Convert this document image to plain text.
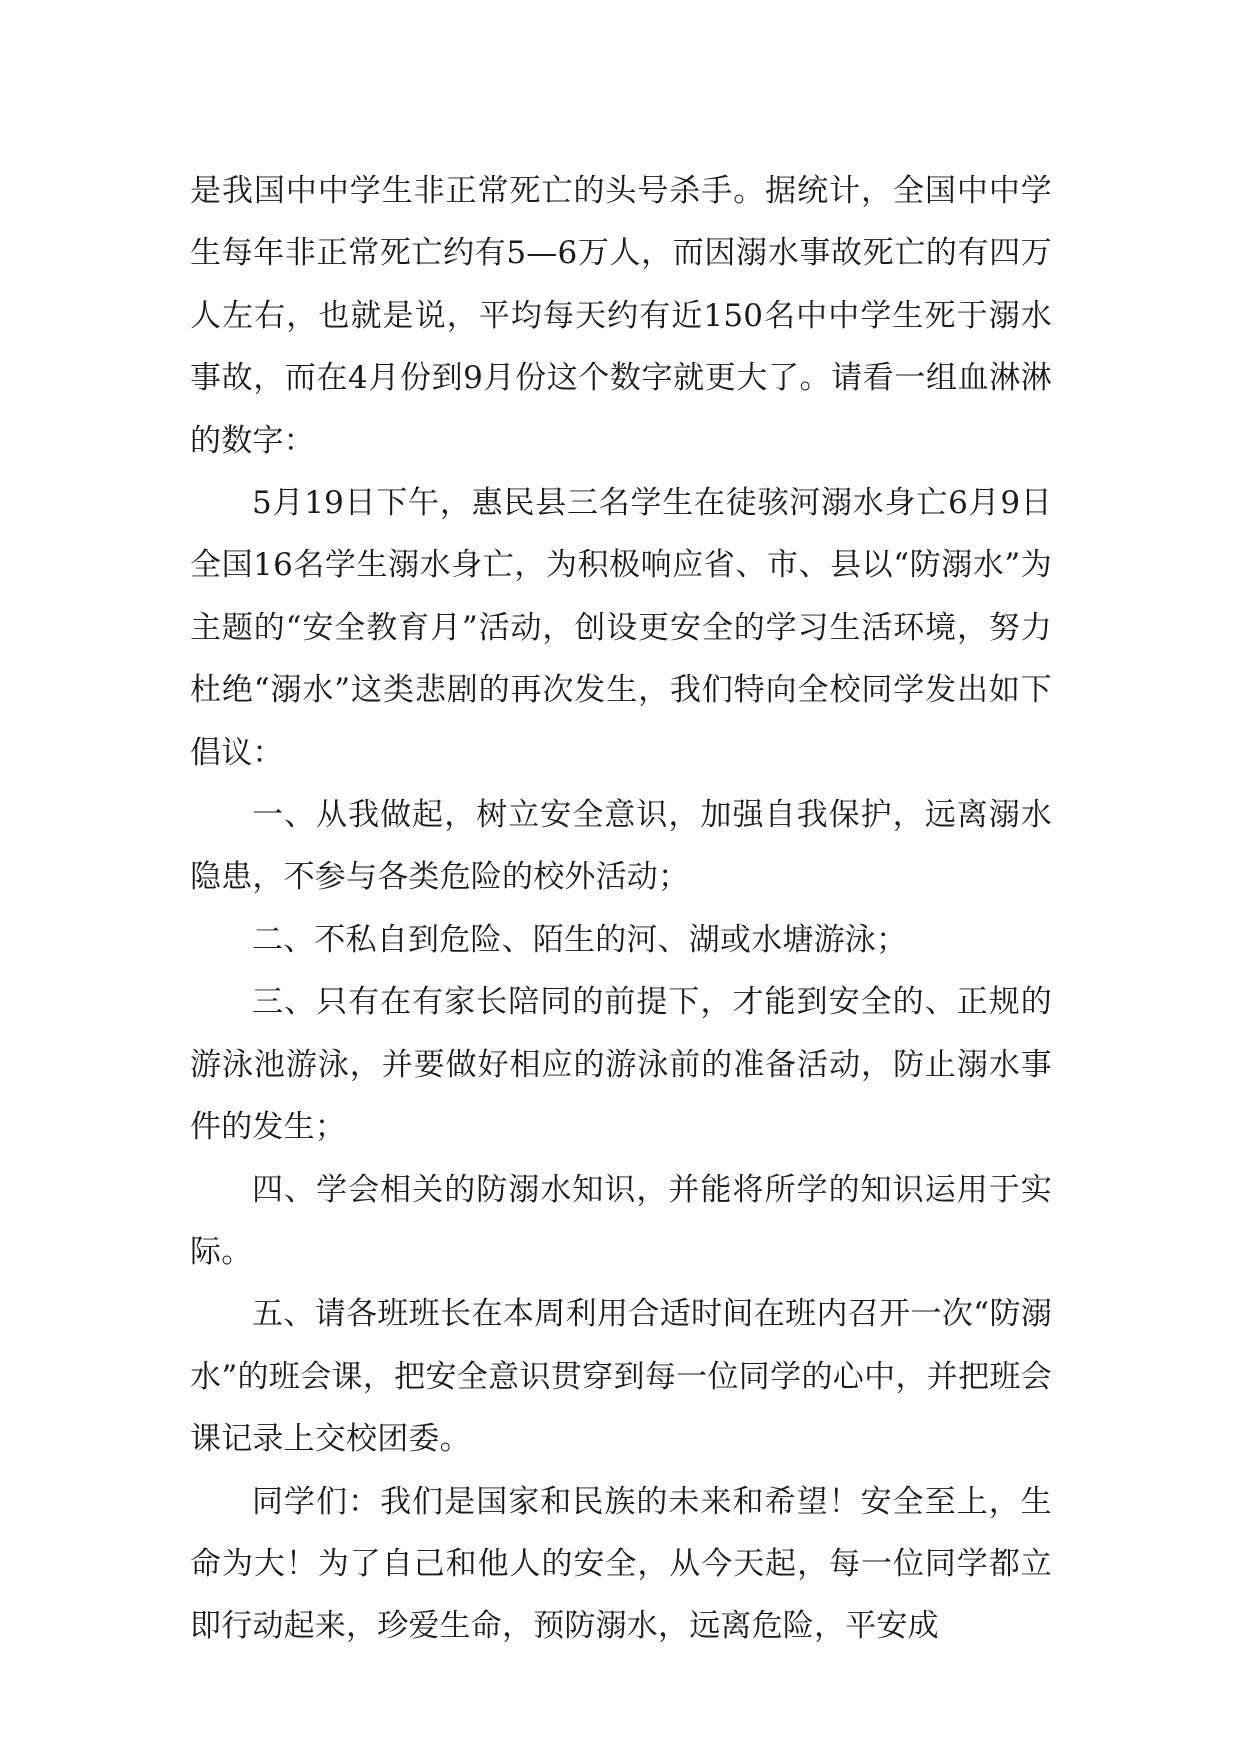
是我国中中学生非正常死亡的头号杀手。据统计，全国中中学生每年非正常死亡约有5—6万人，而因溺水事故死亡的有四万人左右，也就是说，平均每天约有近150名中中学生死于溺水事故，而在4月份到9月份这个数字就更大了。请看一组血淋淋的数字：

5月19日下午，惠民县三名学生在徒骇河溺水身亡6月9日全国16名学生溺水身亡，为积极响应省、市、县以“防溺水”为主题的“安全教育月”活动，创设更安全的学习生活环境，努力杜绝“溺水”这类悲剧的再次发生，我们特向全校同学发出如下倡议：

一、从我做起，树立安全意识，加强自我保护，远离溺水隐患，不参与各类危险的校外活动；

二、不私自到危险、陌生的河、湖或水塘游泳；

三、只有在有家长陪同的前提下，才能到安全的、正规的游泳池游泳，并要做好相应的游泳前的准备活动，防止溺水事件的发生；

四、学会相关的防溺水知识，并能将所学的知识运用于实际。

五、请各班班长在本周利用合适时间在班内召开一次“防溺水”的班会课，把安全意识贯穿到每一位同学的心中，并把班会课记录上交校团委。

同学们：我们是国家和民族的未来和希望！安全至上，生命为大！为了自己和他人的安全，从今天起，每一位同学都立即行动起来，珍爱生命，预防溺水，远离危险，平安成
